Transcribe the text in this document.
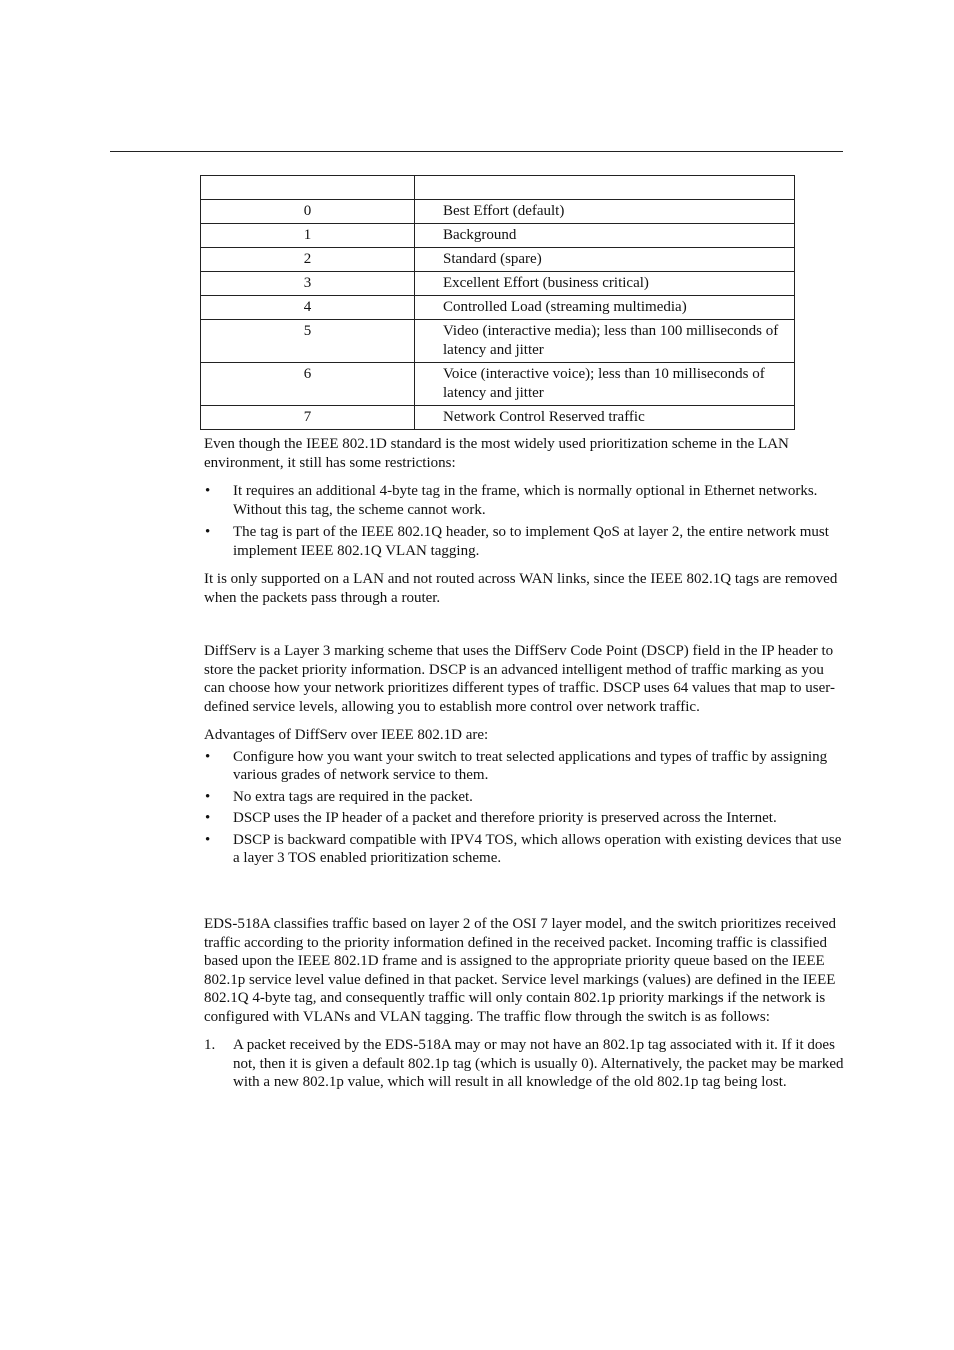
0	Best Effort (default)
1	Background
2	Standard (spare)
3	Excellent Effort (business critical)
4	Controlled Load (streaming multimedia)
5	Video (interactive media); less than 100 milliseconds of latency and jitter
6	Voice (interactive voice); less than 10 milliseconds of latency and jitter
7	Network Control Reserved traffic

Even though the IEEE 802.1D standard is the most widely used prioritization scheme in the LAN environment, it still has some restrictions:

• It requires an additional 4-byte tag in the frame, which is normally optional in Ethernet networks. Without this tag, the scheme cannot work.
• The tag is part of the IEEE 802.1Q header, so to implement QoS at layer 2, the entire network must implement IEEE 802.1Q VLAN tagging.

It is only supported on a LAN and not routed across WAN links, since the IEEE 802.1Q tags are removed when the packets pass through a router.

DiffServ is a Layer 3 marking scheme that uses the DiffServ Code Point (DSCP) field in the IP header to store the packet priority information. DSCP is an advanced intelligent method of traffic marking as you can choose how your network prioritizes different types of traffic. DSCP uses 64 values that map to user-defined service levels, allowing you to establish more control over network traffic.

Advantages of DiffServ over IEEE 802.1D are:

• Configure how you want your switch to treat selected applications and types of traffic by assigning various grades of network service to them.
• No extra tags are required in the packet.
• DSCP uses the IP header of a packet and therefore priority is preserved across the Internet.
• DSCP is backward compatible with IPV4 TOS, which allows operation with existing devices that use a layer 3 TOS enabled prioritization scheme.

EDS-518A classifies traffic based on layer 2 of the OSI 7 layer model, and the switch prioritizes received traffic according to the priority information defined in the received packet. Incoming traffic is classified based upon the IEEE 802.1D frame and is assigned to the appropriate priority queue based on the IEEE 802.1p service level value defined in that packet. Service level markings (values) are defined in the IEEE 802.1Q 4-byte tag, and consequently traffic will only contain 802.1p priority markings if the network is configured with VLANs and VLAN tagging. The traffic flow through the switch is as follows:

1. A packet received by the EDS-518A may or may not have an 802.1p tag associated with it. If it does not, then it is given a default 802.1p tag (which is usually 0). Alternatively, the packet may be marked with a new 802.1p value, which will result in all knowledge of the old 802.1p tag being lost.
